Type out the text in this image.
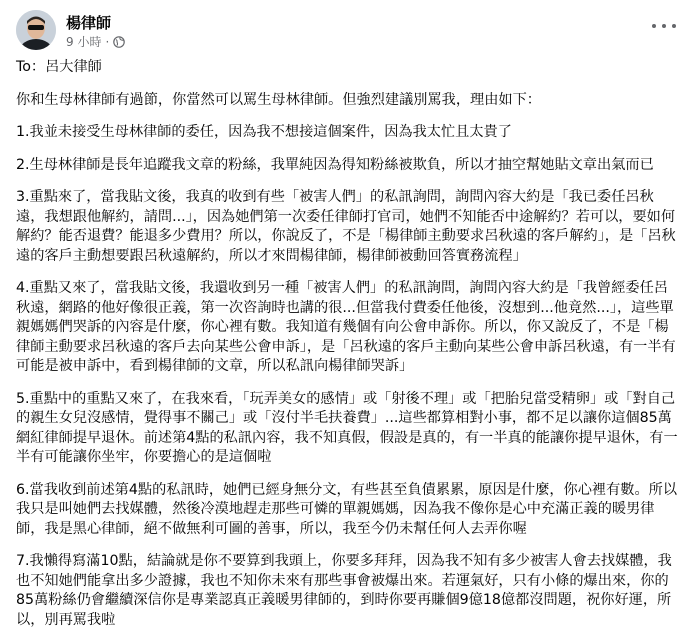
楊律師
9 小時 ·

To：呂大律師

你和生母林律師有過節，你當然可以罵生母林律師。但強烈建議別罵我，理由如下：

1.我並未接受生母林律師的委任，因為我不想接這個案件，因為我太忙且太貴了

2.生母林律師是長年追蹤我文章的粉絲，我單純因為得知粉絲被欺負，所以才抽空幫她貼文章出氣而已

3.重點來了，當我貼文後，我真的收到有些「被害人們」的私訊詢問，詢問內容大約是「我已委任呂秋遠，我想跟他解約，請問...」，因為她們第一次委任律師打官司，她們不知能否中途解約？若可以，要如何解約？能否退費？能退多少費用？所以，你說反了，不是「楊律師主動要求呂秋遠的客戶解約」，是「呂秋遠的客戶主動想要跟呂秋遠解約，所以才來問楊律師，楊律師被動回答實務流程」

4.重點又來了，當我貼文後，我還收到另一種「被害人們」的私訊詢問，詢問內容大約是「我曾經委任呂秋遠，網路的他好像很正義，第一次咨詢時也講的很...但當我付費委任他後，沒想到...他竟然...」，這些單親媽媽們哭訴的內容是什麼，你心裡有數。我知道有幾個有向公會申訴你。所以，你又說反了，不是「楊律師主動要求呂秋遠的客戶去向某些公會申訴」，是「呂秋遠的客戶主動向某些公會申訴呂秋遠，有一半有可能是被申訴中，看到楊律師的文章，所以私訊向楊律師哭訴」

5.重點中的重點又來了，在我來看，「玩弄美女的感情」或「射後不理」或「把胎兒當受精卵」或「對自己的親生女兒沒感情，覺得事不關己」或「沒付半毛扶養費」...這些都算相對小事，都不足以讓你這個85萬網紅律師提早退休。前述第4點的私訊內容，我不知真假，假設是真的，有一半真的能讓你提早退休，有一半有可能讓你坐牢，你要擔心的是這個啦

6.當我收到前述第4點的私訊時，她們已經身無分文，有些甚至負債累累，原因是什麼，你心裡有數。所以我只是叫她們去找媒體，然後冷漠地趕走那些可憐的單親媽媽，因為我不像你是心中充滿正義的暖男律師，我是黑心律師，絕不做無利可圖的善事，所以，我至今仍未幫任何人去弄你喔

7.我懶得寫滿10點，結論就是你不要算到我頭上，你要多拜拜，因為我不知有多少被害人會去找媒體，我也不知她們能拿出多少證據，我也不知你未來有那些事會被爆出來。若運氣好，只有小條的爆出來，你的85萬粉絲仍會繼續深信你是專業認真正義暖男律師的，到時你要再賺個9億18億都沒問題，祝你好運，所以，別再罵我啦
